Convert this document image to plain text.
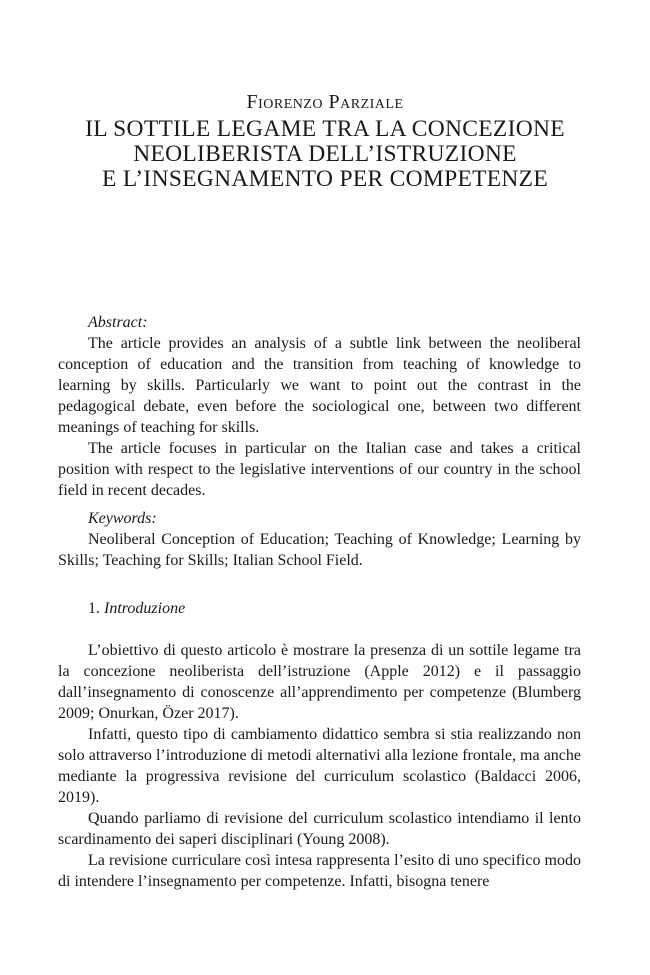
Fiorenzo Parziale
IL SOTTILE LEGAME TRA LA CONCEZIONE
NEOLIBERISTA DELL’ISTRUZIONE
E L’INSEGNAMENTO PER COMPETENZE
Abstract:

The article provides an analysis of a subtle link between the neoliberal conception of education and the transition from teaching of knowledge to learning by skills. Particularly we want to point out the contrast in the pedagogical debate, even before the sociological one, between two different meanings of teaching for skills.

The article focuses in particular on the Italian case and takes a critical position with respect to the legislative interventions of our country in the school field in recent decades.

Keywords:

Neoliberal Conception of Education; Teaching of Knowledge; Learning by Skills; Teaching for Skills; Italian School Field.

1. Introduzione

L’obiettivo di questo articolo è mostrare la presenza di un sottile legame tra la concezione neoliberista dell’istruzione (Apple 2012) e il passaggio dall’insegnamento di conoscenze all’apprendimento per competenze (Blumberg 2009; Onurkan, Özer 2017).

Infatti, questo tipo di cambiamento didattico sembra si stia realizzando non solo attraverso l’introduzione di metodi alternativi alla lezione frontale, ma anche mediante la progressiva revisione del curriculum scolastico (Baldacci 2006, 2019).

Quando parliamo di revisione del curriculum scolastico intendiamo il lento scardinamento dei saperi disciplinari (Young 2008).

La revisione curriculare così intesa rappresenta l’esito di uno specifico modo di intendere l’insegnamento per competenze. Infatti, bisogna tenere
